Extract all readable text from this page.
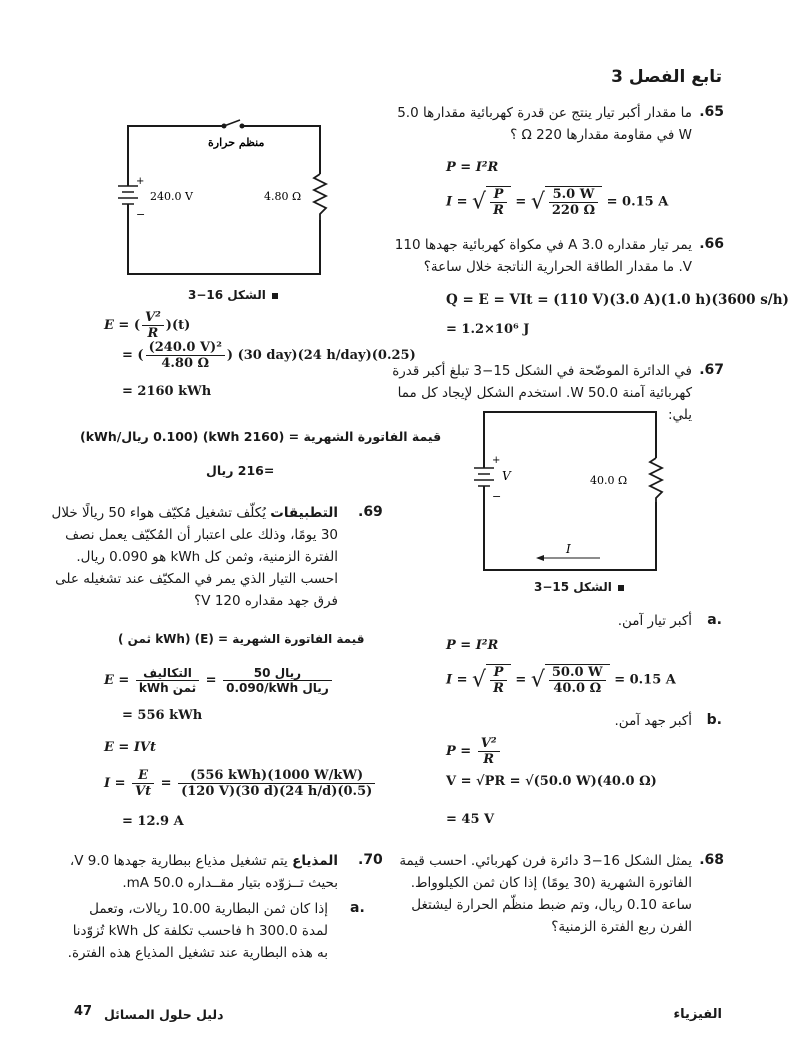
تابع الفصل 3
.65
ما مقدار أكبر تيار ينتج عن قدرة كهربائية مقدارها 5.0 W في مقاومة مقدارها 220 Ω ؟
P = I²R
I = √ $\frac{P}{R}$ = √ $\frac{5.0 W}{220 \Omega} = 0.15$ A
.66
يمر تيار مقداره 3.0 A في مكواة كهربائية جهدها 110 V. ما مقدار الطاقة الحرارية الناتجة خلال ساعة؟
Q = E = VIt = (110 V)(3.0 A)(1.0 h)(3600 s/h)
= 1.2×10⁶ J
.67
في الدائرة الموضّحة في الشكل 15−3 تبلغ أكبر قدرة كهربائية آمنة 50.0 W. استخدم الشكل لإيجاد كل مما يلي:
+
−
V	40.0 Ω
I
الشكل 15−3
a.
أكبر تيار آمن.
P = I²R
I = √ $\frac{P}{R}$ = √ $\frac{50.0 W}{40.0 \Omega} = 0.15$ A
b.
أكبر جهد آمن.
$P = \frac{\text{V²}}{R}$
V = √PR = √(50.0 W)(40.0 Ω)
= 45 V
.68
يمثل الشكل 16−3 دائرة فرن كهربائي. احسب قيمة الفاتورة الشهرية (30 يومًا) إذا كان ثمن الكيلوواط. ساعة 0.10 ريال، وتم ضبط منظّم الحرارة ليشتغل الفرن ربع الفترة الزمنية؟
منظم حرارة
+
−
240.0 V	4.80 Ω
الشكل 16−3
E = ( $\frac{\text{V²}}{R} )(t)$
= ( $\frac{\text{(240.0 V)²}}{4.80 \Omega}$ ) (30 day)(24 h/day)(0.25)
= 2160 kWh
قيمة الفاتورة الشهرية = (2160 kWh) (0.100 ريال/kWh)
=216 ريال
.69
التطبيقات يُكلّف تشغيل مُكيّف هواء 50 ريالًا خلال 30 يومًا، وذلك على اعتبار أن المُكيّف يعمل نصف الفترة الزمنية، وثمن كل kWh هو 0.090 ريال. احسب التيار الذي يمر في المكيّف عند تشغيله على فرق جهد مقداره 120 V؟
قيمة الفاتورة الشهرية = (E) (kWh ثمن )
$E = \frac{\text{التكاليف}}{\text{kWh ثمن}} = \frac{\text{50 ريال}}{\text{0.090/kWh ريال}}$
= 556 kWh
E = IVt
$I = \frac{E}{Vt} = \frac{\text{(556 kWh)(1000 W/kW)}}{(120 V)(30 d)(24 h/d)(0.5)}$
= 12.9 A
.70
المذياع يتم تشغيل مذياع ببطارية جهدها 9.0 V، بحيث تــزوّده بتيار مقــداره 50.0 mA.
a.
إذا كان ثمن البطارية 10.00 ريالات، وتعمل لمدة 300.0 h فاحسب تكلفة كل kWh تُزوّدنا به هذه البطارية عند تشغيل المذياع هذه الفترة.
الفيزياء
دليل حلول المسائل
47
